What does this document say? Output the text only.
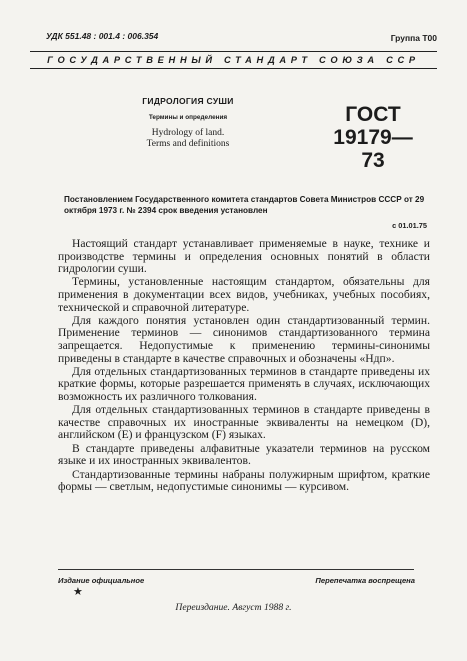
УДК 551.48 : 001.4 : 006.354	Группа Т00
ГОСУДАРСТВЕННЫЙ СТАНДАРТ СОЮЗА ССР
ГИДРОЛОГИЯ СУШИ
Термины и определения
Hydrology of land.
Terms and definitions
ГОСТ
19179—73
Постановлением Государственного комитета стандартов Совета Министров СССР от 29 октября 1973 г. № 2394 срок введения установлен
с 01.01.75

Настоящий стандарт устанавливает применяемые в науке, технике и производстве термины и определения основных понятий в области гидрологии суши.

Термины, установленные настоящим стандартом, обязательны для применения в документации всех видов, учебниках, учебных пособиях, технической и справочной литературе.

Для каждого понятия установлен один стандартизованный термин. Применение терминов — синонимов стандартизованного термина запрещается. Недопустимые к применению термины-синонимы приведены в стандарте в качестве справочных и обозначены «Ндп».

Для отдельных стандартизованных терминов в стандарте приведены их краткие формы, которые разрешается применять в случаях, исключающих возможность их различного толкования.

Для отдельных стандартизованных терминов в стандарте приведены в качестве справочных их иностранные эквиваленты на немецком (D), английском (E) и французском (F) языках.

В стандарте приведены алфавитные указатели терминов на русском языке и их иностранных эквивалентов.

Стандартизованные термины набраны полужирным шрифтом, краткие формы — светлым, недопустимые синонимы — курсивом.

Издание официальное
★
Перепечатка воспрещена
Переиздание. Август 1988 г.
